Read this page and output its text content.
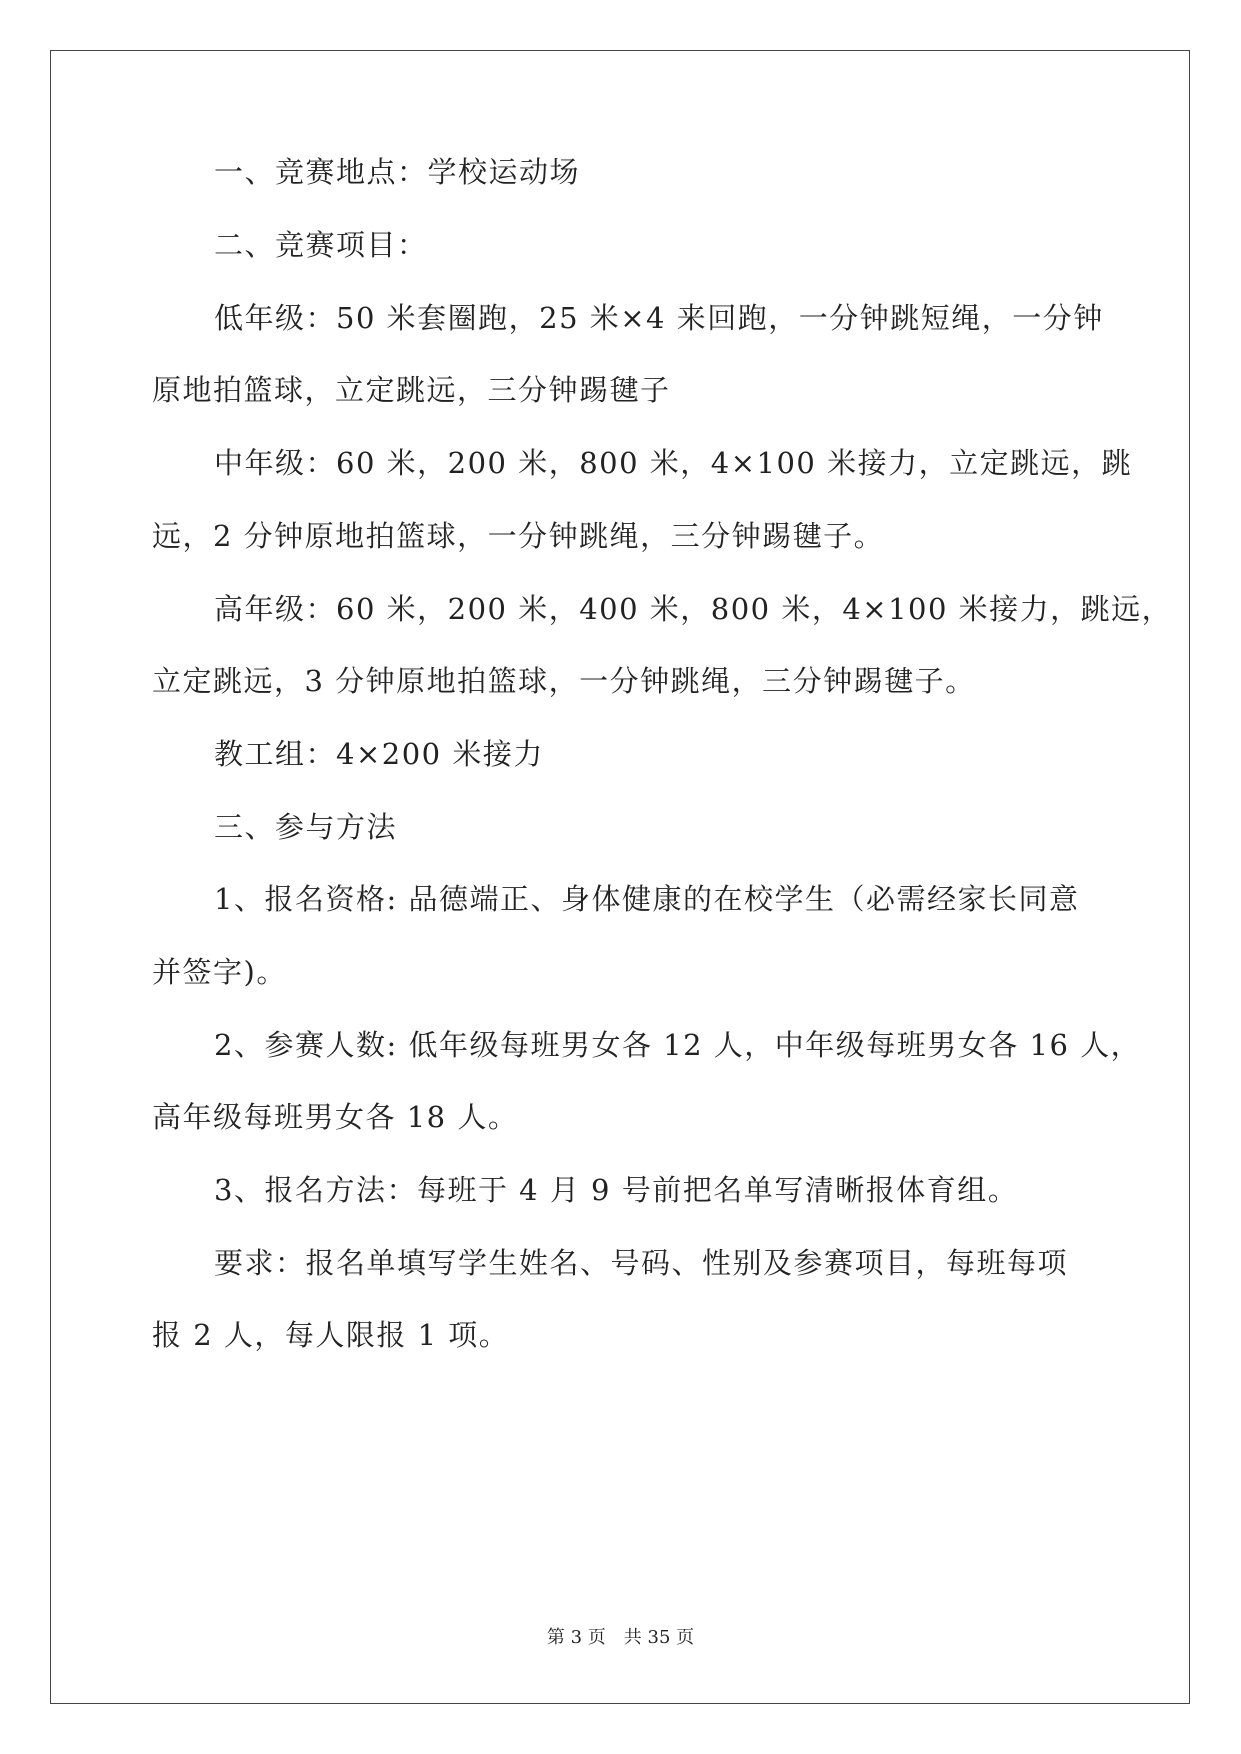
一、竞赛地点：学校运动场
二、竞赛项目：
低年级：50 米套圈跑，25 米×4 来回跑，一分钟跳短绳，一分钟
原地拍篮球，立定跳远，三分钟踢毽子
中年级：60 米，200 米，800 米，4×100 米接力，立定跳远，跳
远，2 分钟原地拍篮球，一分钟跳绳，三分钟踢毽子。
高年级：60 米，200 米，400 米，800 米，4×100 米接力，跳远，
立定跳远，3 分钟原地拍篮球，一分钟跳绳，三分钟踢毽子。
教工组：4×200 米接力
三、参与方法
1、报名资格: 品德端正、身体健康的在校学生（必需经家长同意
并签字)。
2、参赛人数: 低年级每班男女各 12 人，中年级每班男女各 16 人，
高年级每班男女各 18 人。
3、报名方法：每班于 4 月 9 号前把名单写清晰报体育组。
要求：报名单填写学生姓名、号码、性别及参赛项目，每班每项
报 2 人，每人限报 1 项。
第 3 页　共 35 页
